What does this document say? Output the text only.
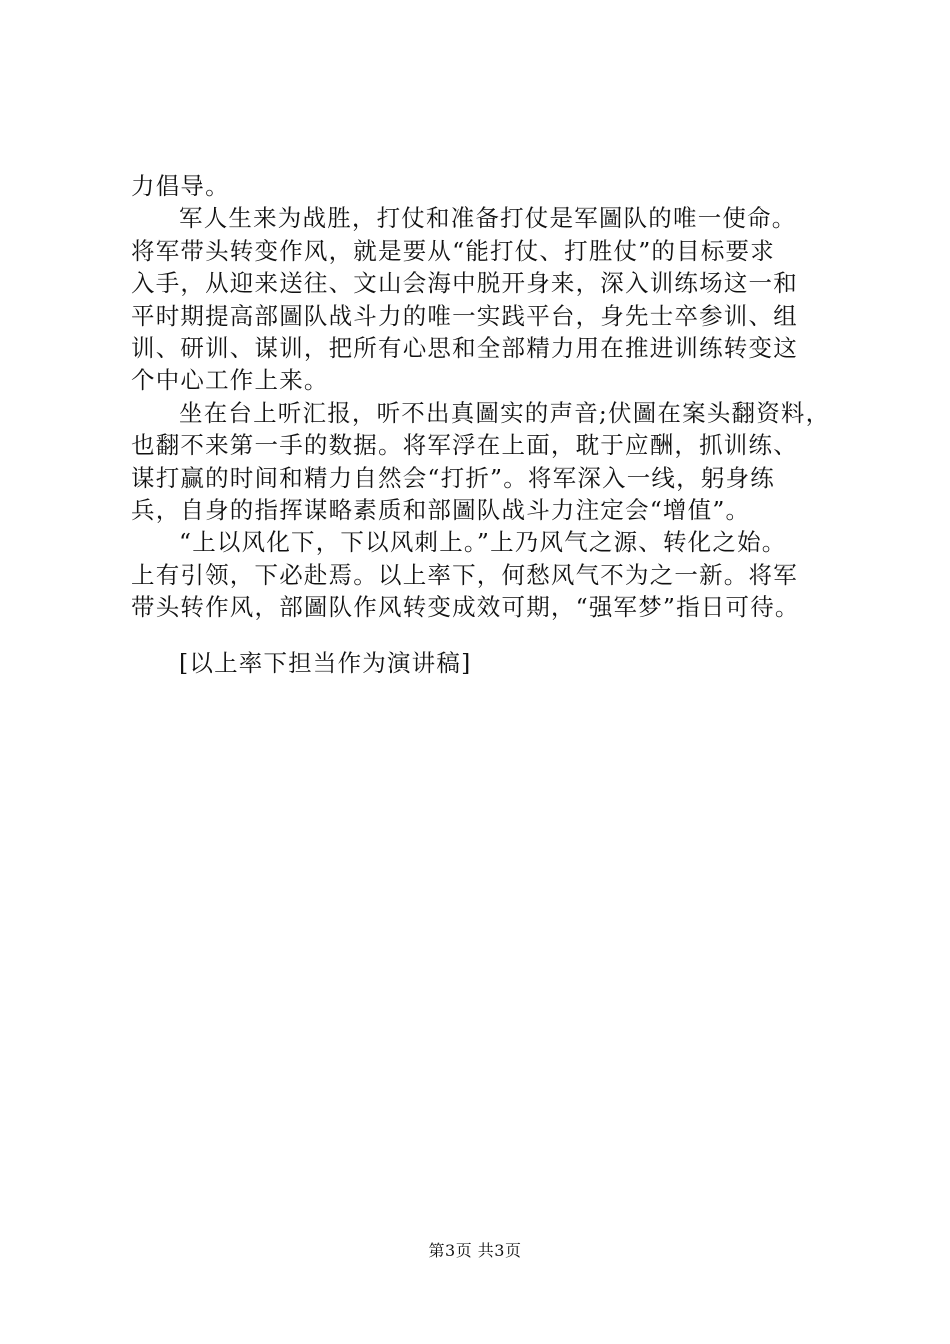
力倡导。
军人生来为战胜，打仗和准备打仗是军圖队的唯一使命。
将军带头转变作风，就是要从“能打仗、打胜仗”的目标要求
入手，从迎来送往、文山会海中脱开身来，深入训练场这一和
平时期提高部圖队战斗力的唯一实践平台，身先士卒参训、组
训、研训、谋训，把所有心思和全部精力用在推进训练转变这
个中心工作上来。
坐在台上听汇报，听不出真圖实的声音;伏圖在案头翻资料，
也翻不来第一手的数据。将军浮在上面，耽于应酬，抓训练、
谋打赢的时间和精力自然会“打折”。将军深入一线，躬身练
兵，自身的指挥谋略素质和部圖队战斗力注定会“增值”。
“上以风化下，下以风刺上。”上乃风气之源、转化之始。
上有引领，下必赴焉。以上率下，何愁风气不为之一新。将军
带头转作风，部圖队作风转变成效可期，“强军梦”指日可待。
[以上率下担当作为演讲稿]
第3页 共3页
